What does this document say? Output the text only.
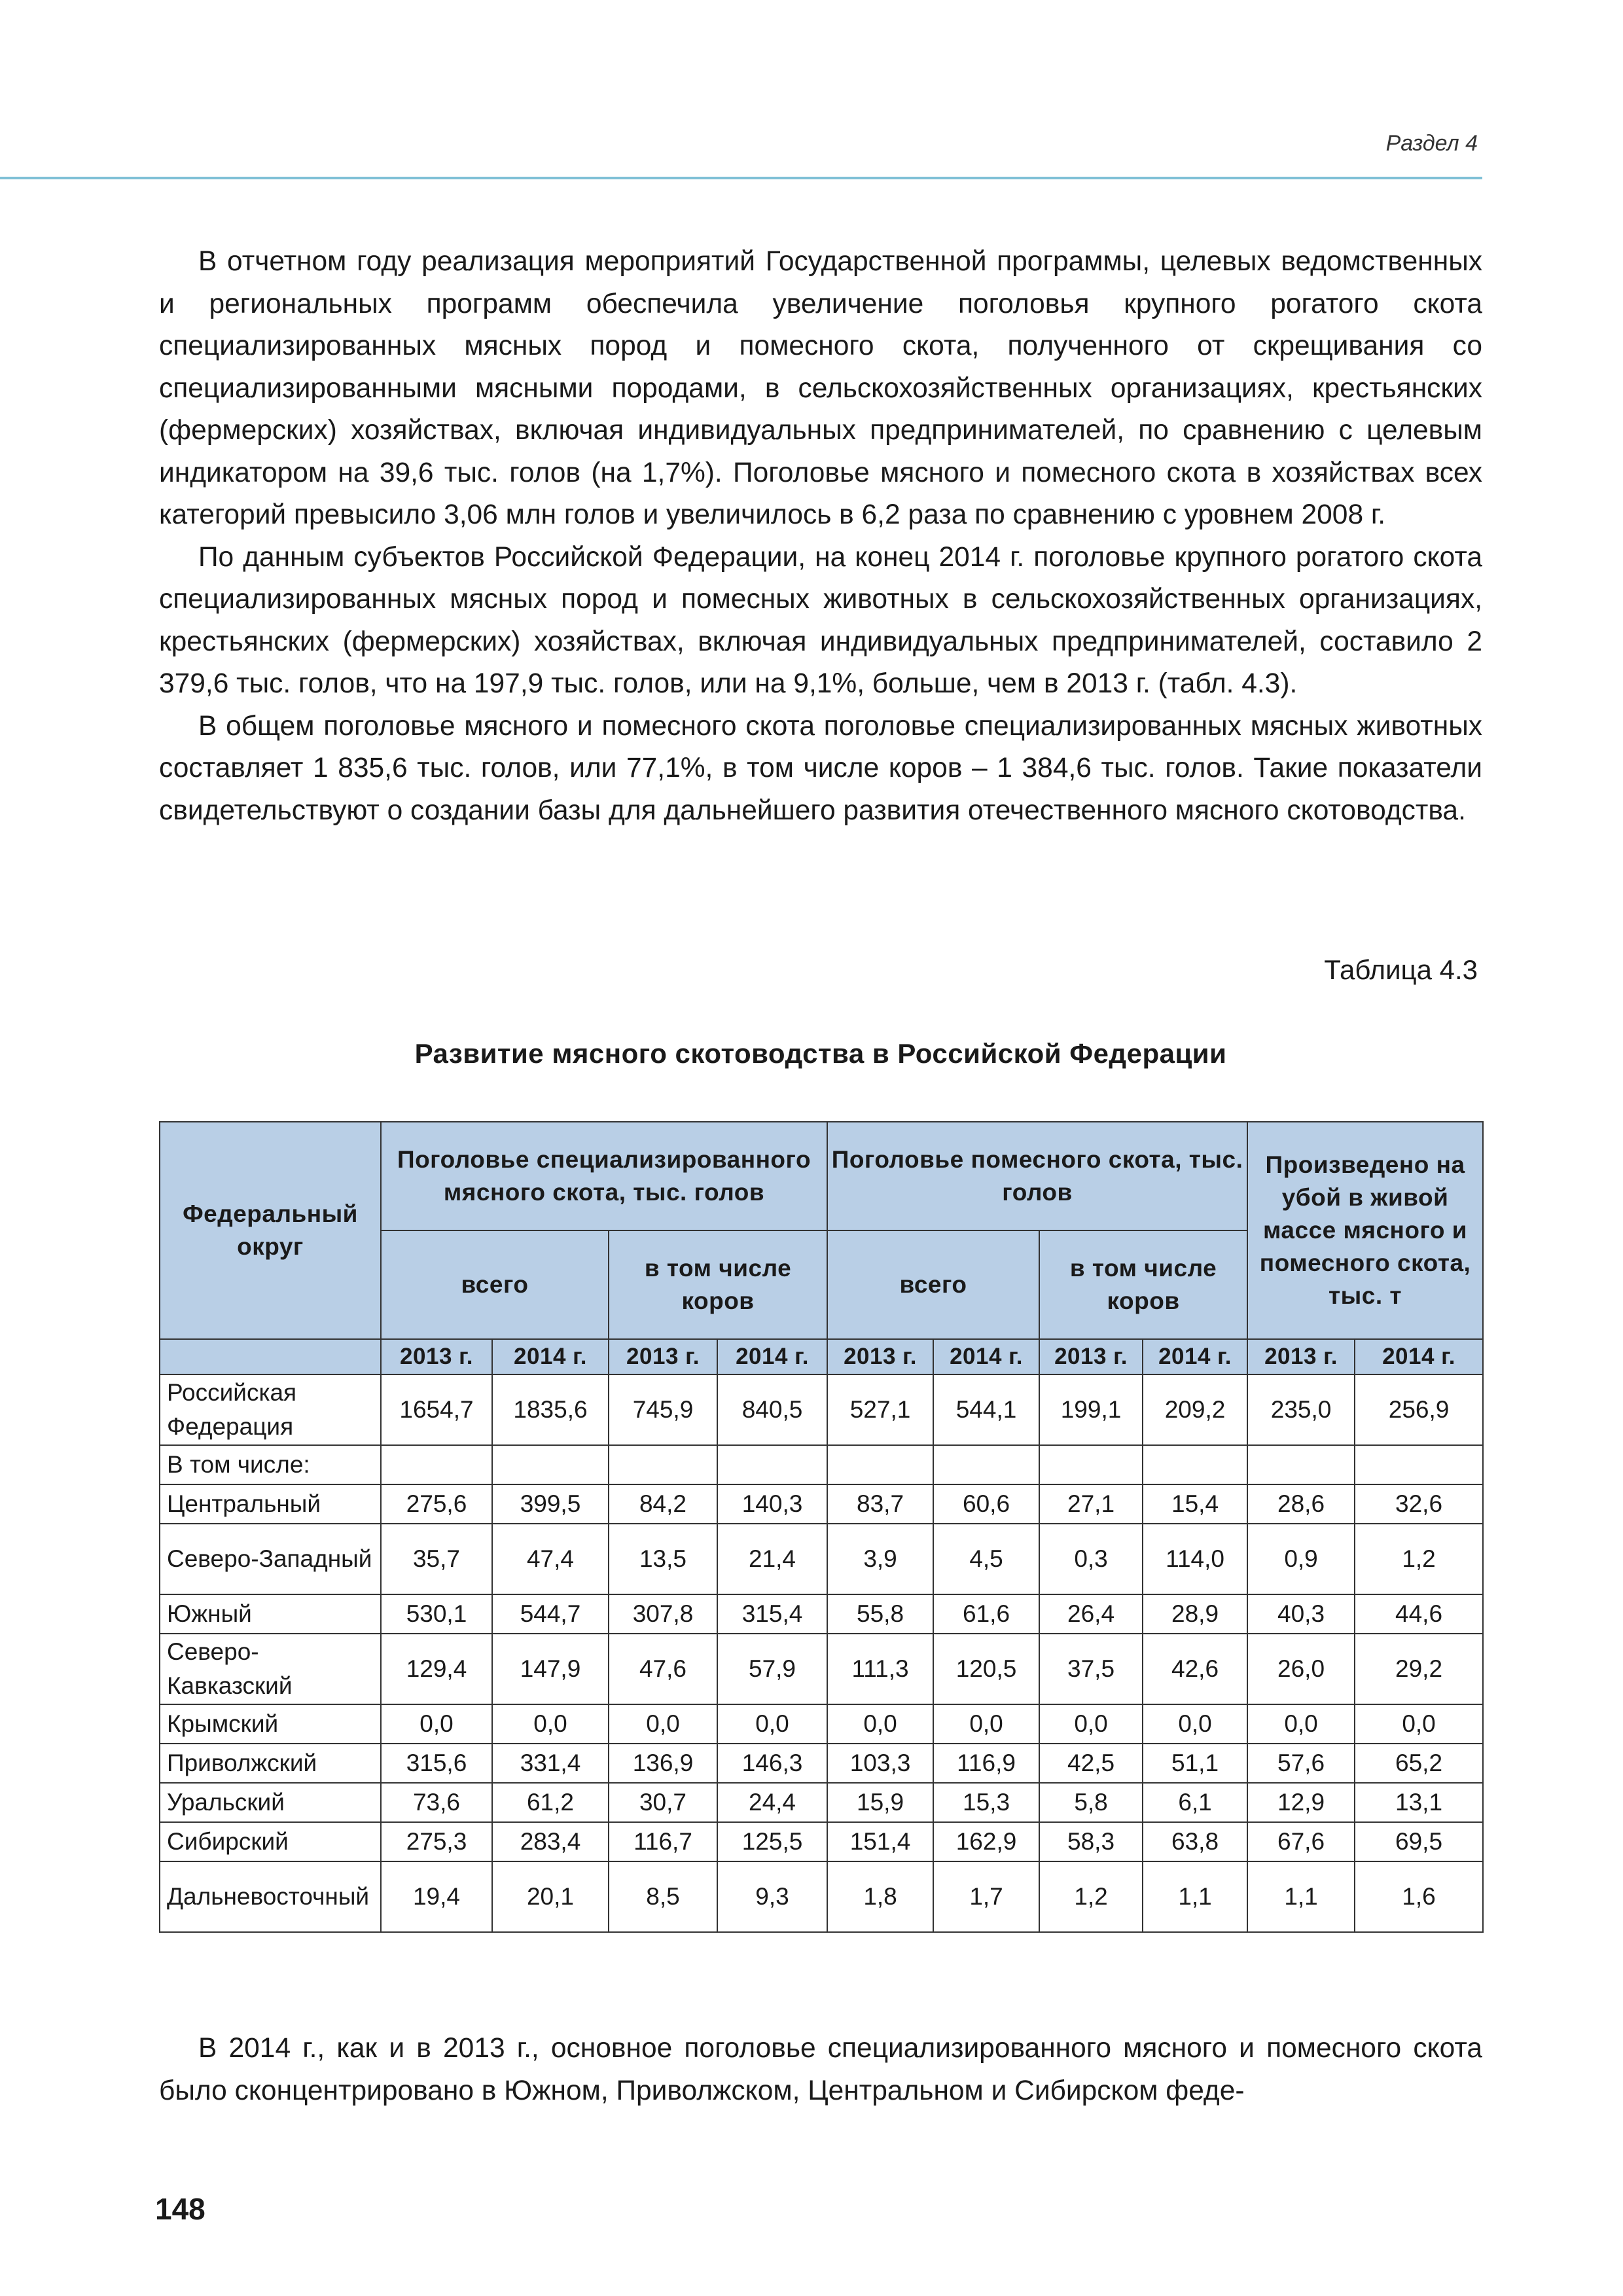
Раздел 4

В отчетном году реализация мероприятий Государственной программы, целевых ведомственных и региональных программ обеспечила увеличение поголовья крупного рогатого скота специализированных мясных пород и помесного скота, полученного от скрещивания со специализированными мясными породами, в сельскохозяйственных организациях, крестьянских (фермерских) хозяйствах, включая индивидуальных предпринимателей, по сравнению с целевым индикатором на 39,6 тыс. голов (на 1,7%). Поголовье мясного и помесного скота в хозяйствах всех категорий превысило 3,06 млн голов и увеличилось в 6,2 раза по сравнению с уровнем 2008 г.

По данным субъектов Российской Федерации, на конец 2014 г. поголовье крупного рогатого скота специализированных мясных пород и помесных животных в сельскохозяйственных организациях, крестьянских (фермерских) хозяйствах, включая индивидуальных предпринимателей, составило 2 379,6 тыс. голов, что на 197,9 тыс. голов, или на 9,1%, больше, чем в 2013 г. (табл. 4.3).

В общем поголовье мясного и помесного скота поголовье специализированных мясных животных составляет 1 835,6 тыс. голов, или 77,1%, в том числе коров – 1 384,6 тыс. голов. Такие показатели свидетельствуют о создании базы для дальнейшего развития отечественного мясного скотоводства.

Таблица 4.3
Развитие мясного скотоводства в Российской Федерации
Федеральный округ	Поголовье специализированного мясного скота, тыс. голов				Поголовье помесного скота, тыс. голов				Произведено на убой в живой массе мясного и помесного скота, тыс. т	
	всего		в том числе коров		всего		в том числе коров			
	2013 г.	2014 г.	2013 г.	2014 г.	2013 г.	2014 г.	2013 г.	2014 г.	2013 г.	2014 г.
Российская Федерация	1654,7	1835,6	745,9	840,5	527,1	544,1	199,1	209,2	235,0	256,9
В том числе:										
Центральный	275,6	399,5	84,2	140,3	83,7	60,6	27,1	15,4	28,6	32,6
Северо-Западный	35,7	47,4	13,5	21,4	3,9	4,5	0,3	114,0	0,9	1,2
Южный	530,1	544,7	307,8	315,4	55,8	61,6	26,4	28,9	40,3	44,6
Северо-Кавказский	129,4	147,9	47,6	57,9	111,3	120,5	37,5	42,6	26,0	29,2
Крымский	0,0	0,0	0,0	0,0	0,0	0,0	0,0	0,0	0,0	0,0
Приволжский	315,6	331,4	136,9	146,3	103,3	116,9	42,5	51,1	57,6	65,2
Уральский	73,6	61,2	30,7	24,4	15,9	15,3	5,8	6,1	12,9	13,1
Сибирский	275,3	283,4	116,7	125,5	151,4	162,9	58,3	63,8	67,6	69,5
Дальневосточный	19,4	20,1	8,5	9,3	1,8	1,7	1,2	1,1	1,1	1,6

В 2014 г., как и в 2013 г., основное поголовье специализированного мясного и помесного скота было сконцентрировано в Южном, Приволжском, Центральном и Сибирском феде-

148
